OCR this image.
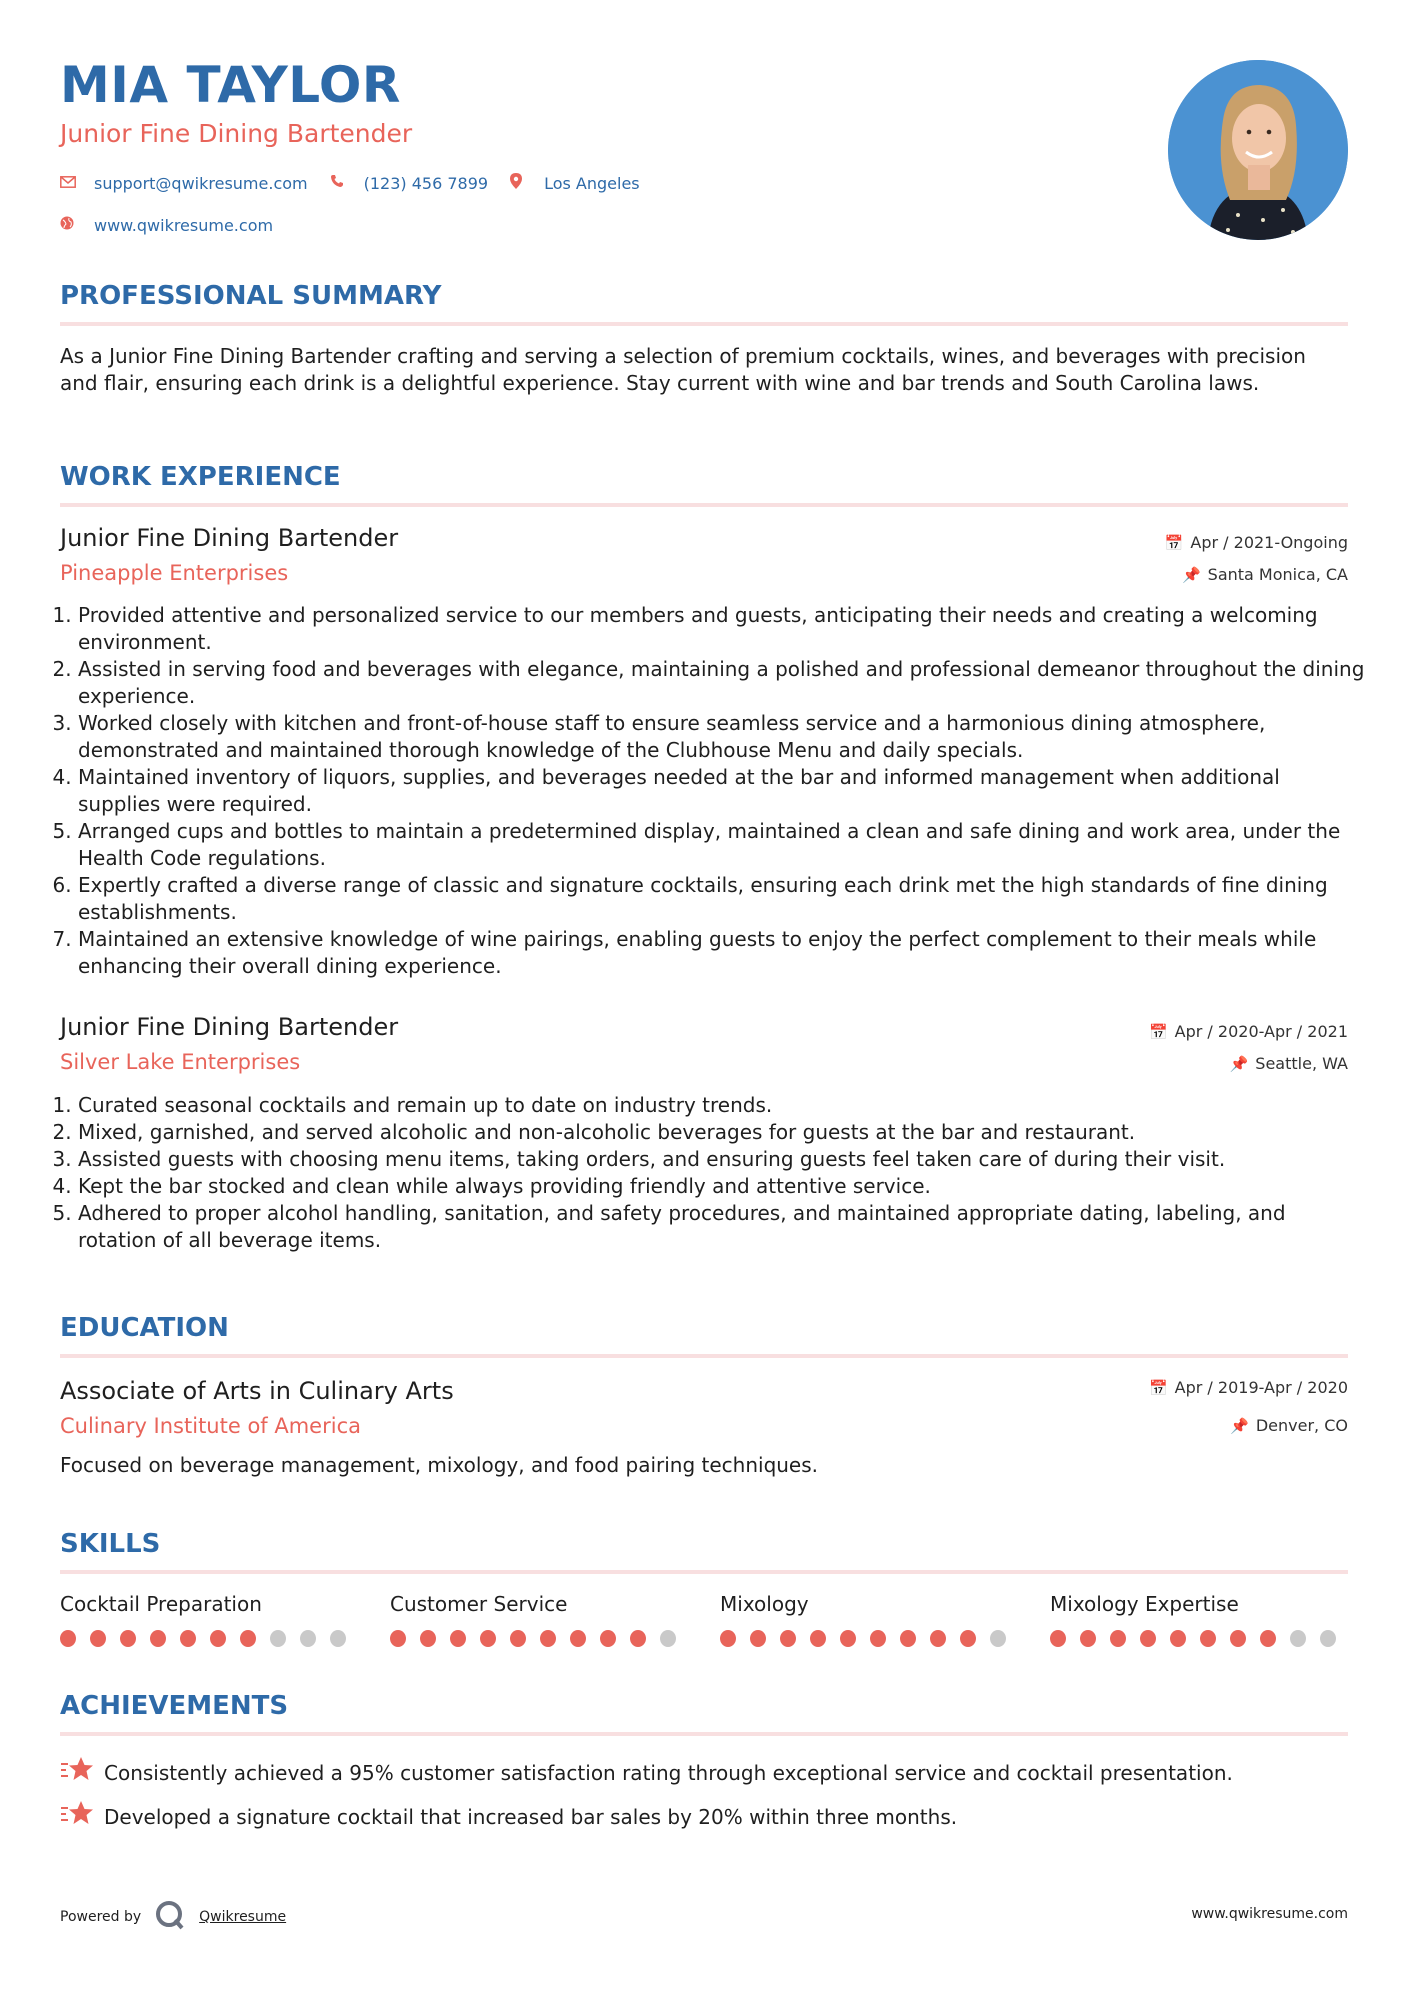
MIA TAYLOR
Junior Fine Dining Bartender
support@qwikresume.com	(123) 456 7899	Los Angeles
www.qwikresume.com
PROFESSIONAL SUMMARY
As a Junior Fine Dining Bartender crafting and serving a selection of premium cocktails, wines, and beverages with precision and flair, ensuring each drink is a delightful experience. Stay current with wine and bar trends and South Carolina laws.
WORK EXPERIENCE
Junior Fine Dining Bartender
Pineapple Enterprises
📅 Apr / 2021-Ongoing
📌 Santa Monica, CA
1. Provided attentive and personalized service to our members and guests, anticipating their needs and creating a welcoming environment.
2. Assisted in serving food and beverages with elegance, maintaining a polished and professional demeanor throughout the dining experience.
3. Worked closely with kitchen and front-of-house staff to ensure seamless service and a harmonious dining atmosphere, demonstrated and maintained thorough knowledge of the Clubhouse Menu and daily specials.
4. Maintained inventory of liquors, supplies, and beverages needed at the bar and informed management when additional supplies were required.
5. Arranged cups and bottles to maintain a predetermined display, maintained a clean and safe dining and work area, under the Health Code regulations.
6. Expertly crafted a diverse range of classic and signature cocktails, ensuring each drink met the high standards of fine dining establishments.
7. Maintained an extensive knowledge of wine pairings, enabling guests to enjoy the perfect complement to their meals while enhancing their overall dining experience.
Junior Fine Dining Bartender
Silver Lake Enterprises
📅 Apr / 2020-Apr / 2021
📌 Seattle, WA
1. Curated seasonal cocktails and remain up to date on industry trends.
2. Mixed, garnished, and served alcoholic and non-alcoholic beverages for guests at the bar and restaurant.
3. Assisted guests with choosing menu items, taking orders, and ensuring guests feel taken care of during their visit.
4. Kept the bar stocked and clean while always providing friendly and attentive service.
5. Adhered to proper alcohol handling, sanitation, and safety procedures, and maintained appropriate dating, labeling, and rotation of all beverage items.
EDUCATION
Associate of Arts in Culinary Arts
Culinary Institute of America
📅 Apr / 2019-Apr / 2020
📌 Denver, CO
Focused on beverage management, mixology, and food pairing techniques.
SKILLS
Cocktail Preparation	Customer Service	Mixology	Mixology Expertise
ACHIEVEMENTS
Consistently achieved a 95% customer satisfaction rating through exceptional service and cocktail presentation.
Developed a signature cocktail that increased bar sales by 20% within three months.
Powered by	Qwikresume	www.qwikresume.com
